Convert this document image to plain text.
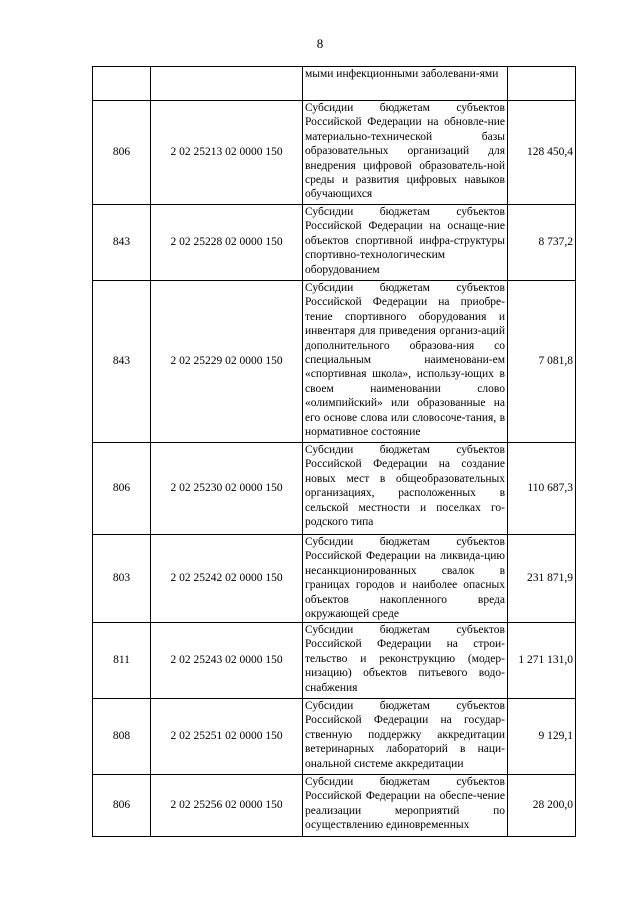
8
		мыми инфекционными заболевани-ями	
806	2 02 25213 02 0000 150	Субсидии бюджетам субъектов Российской Федерации на обновле-ние материально-технической базы образовательных организаций для внедрения цифровой образователь-ной среды и развития цифровых навыков обучающихся	128 450,4
843	2 02 25228 02 0000 150	Субсидии бюджетам субъектов Российской Федерации на оснаще-ние объектов спортивной инфра-структуры спортивно-технологическим оборудованием	8 737,2
843	2 02 25229 02 0000 150	Субсидии бюджетам субъектов Российской Федерации на приобре-тение спортивного оборудования и инвентаря для приведения организ-аций дополнительного образова-ния со специальным наименовани-ем «спортивная школа», использу-ющих в своем наименовании слово «олимпийский» или образованные на его основе слова или словосоче-тания, в нормативное состояние	7 081,8
806	2 02 25230 02 0000 150	Субсидии бюджетам субъектов Российской Федерации на создание новых мест в общеобразовательных организациях, расположенных в сельской местности и поселках го-родского типа	110 687,3
803	2 02 25242 02 0000 150	Субсидии бюджетам субъектов Российской Федерации на ликвида-цию несанкционированных свалок в границах городов и наиболее опасных объектов накопленного вреда окружающей среде	231 871,9
811	2 02 25243 02 0000 150	Субсидии бюджетам субъектов Российской Федерации на строи-тельство и реконструкцию (модер-низацию) объектов питьевого водо-снабжения	1 271 131,0
808	2 02 25251 02 0000 150	Субсидии бюджетам субъектов Российской Федерации на государ-ственную поддержку аккредитации ветеринарных лабораторий в наци-ональной системе аккредитации	9 129,1
806	2 02 25256 02 0000 150	Субсидии бюджетам субъектов Российской Федерации на обеспе-чение реализации мероприятий по осуществлению единовременных	28 200,0
